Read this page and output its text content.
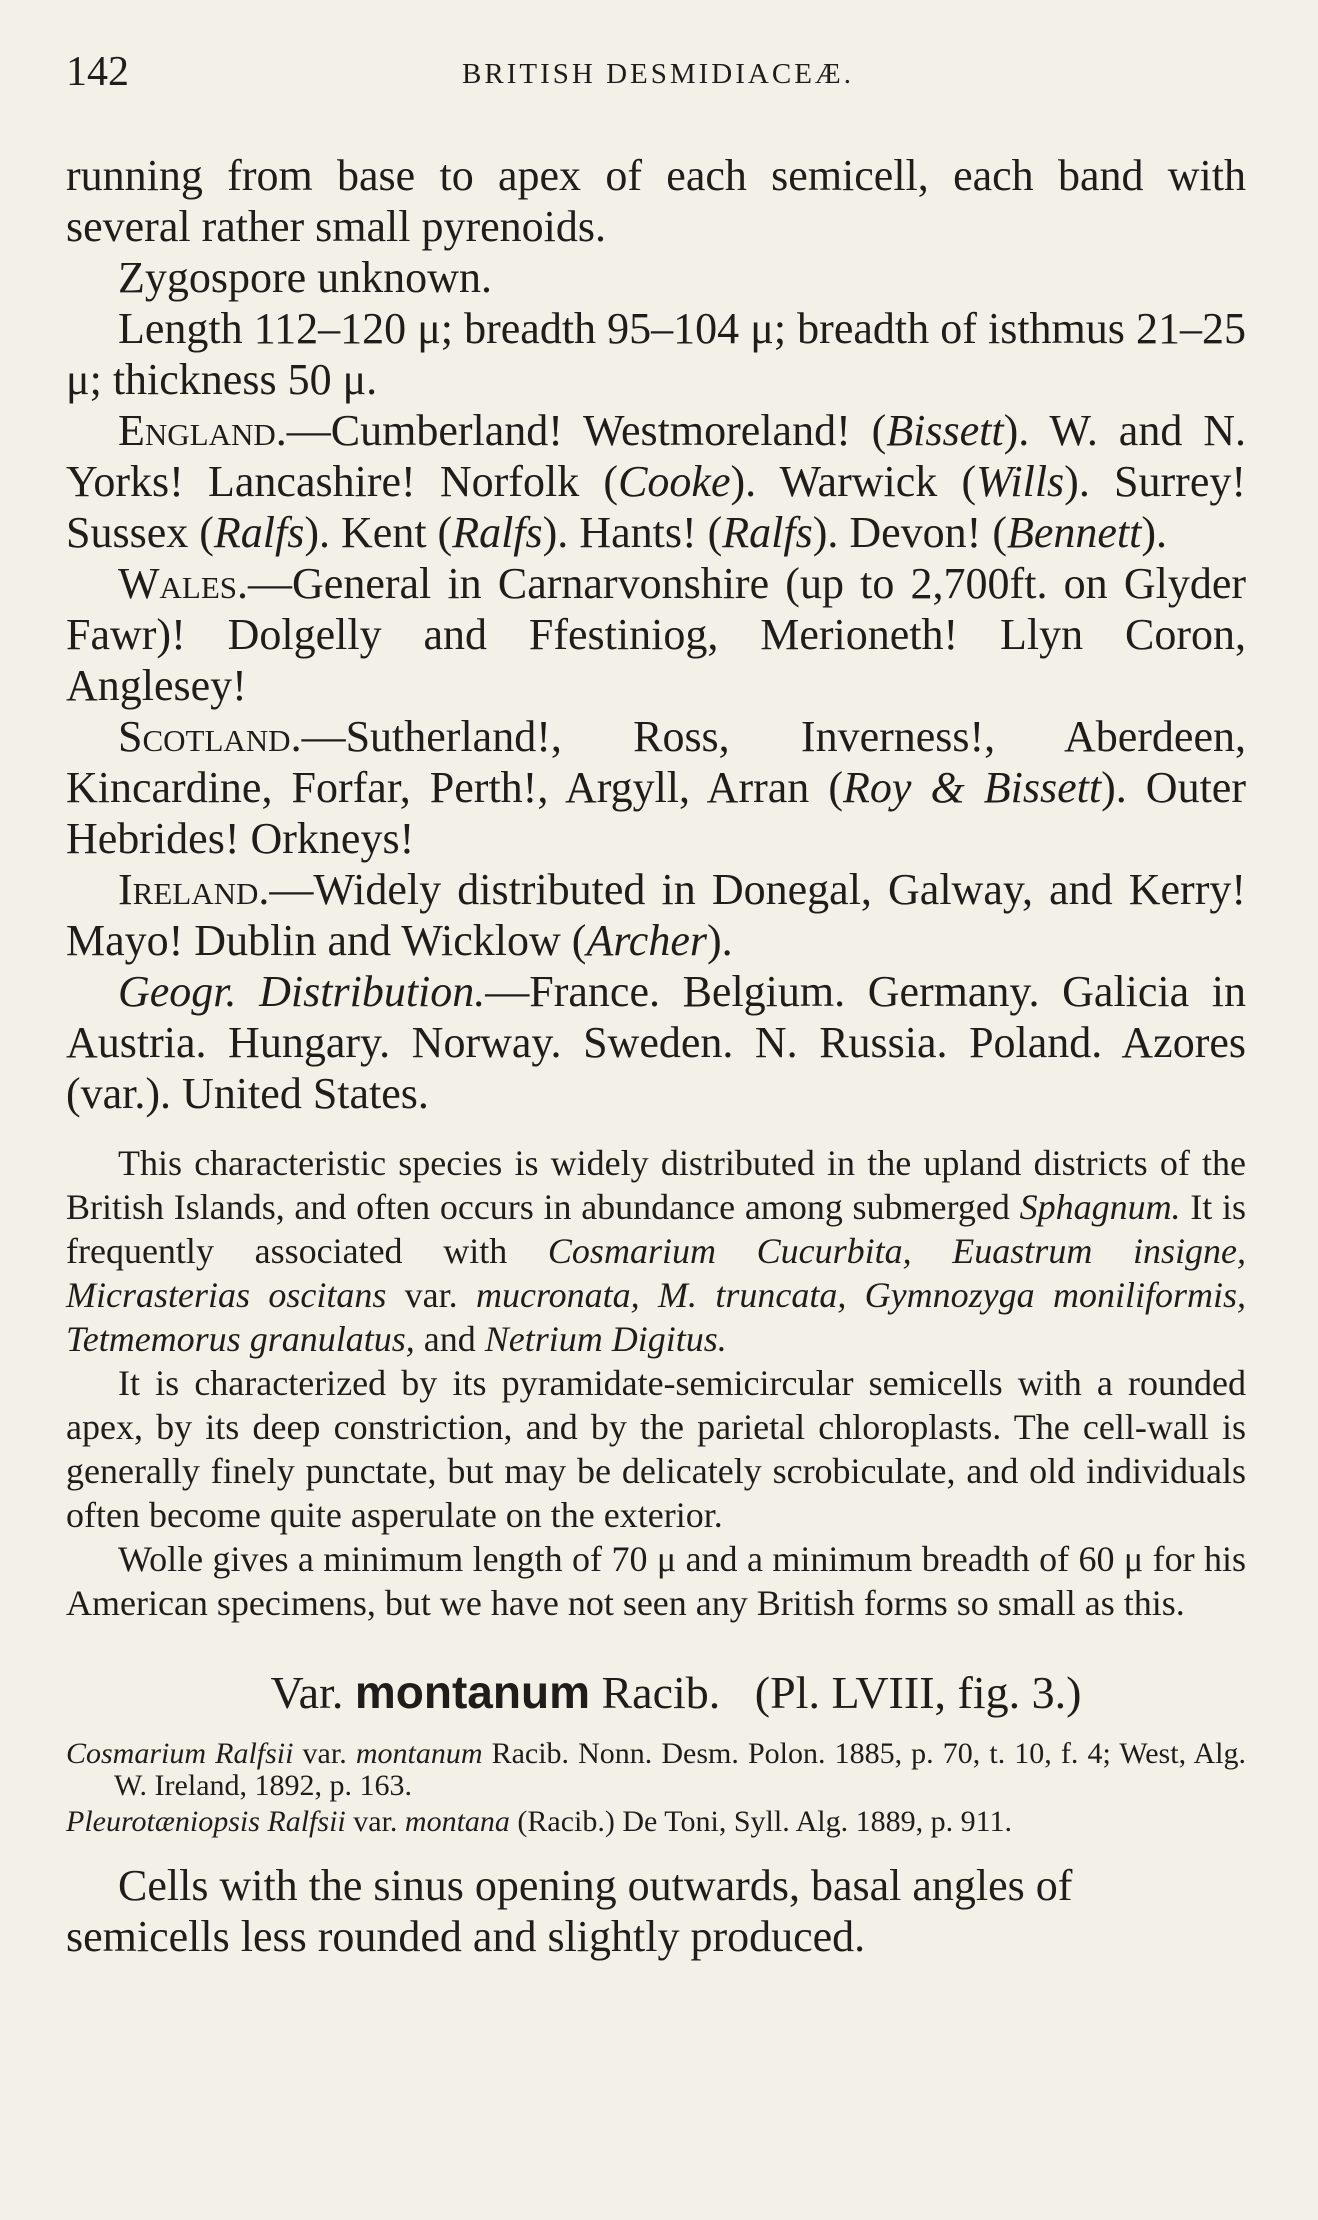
142	BRITISH DESMIDIACEÆ.

running from base to apex of each semicell, each band with several rather small pyrenoids.

Zygospore unknown.

Length 112–120 μ; breadth 95–104 μ; breadth of isthmus 21–25 μ; thickness 50 μ.

England.—Cumberland! Westmoreland! (Bissett). W. and N. Yorks! Lancashire! Norfolk (Cooke). Warwick (Wills). Surrey! Sussex (Ralfs). Kent (Ralfs). Hants! (Ralfs). Devon! (Bennett).

Wales.—General in Carnarvonshire (up to 2,700ft. on Glyder Fawr)! Dolgelly and Ffestiniog, Merioneth! Llyn Coron, Anglesey!

Scotland.—Sutherland!, Ross, Inverness!, Aberdeen, Kincardine, Forfar, Perth!, Argyll, Arran (Roy & Bissett). Outer Hebrides! Orkneys!

Ireland.—Widely distributed in Donegal, Galway, and Kerry! Mayo! Dublin and Wicklow (Archer).

Geogr. Distribution.—France. Belgium. Germany. Galicia in Austria. Hungary. Norway. Sweden. N. Russia. Poland. Azores (var.). United States.

This characteristic species is widely distributed in the upland districts of the British Islands, and often occurs in abundance among submerged Sphagnum. It is frequently associated with Cosmarium Cucurbita, Euastrum insigne, Micrasterias oscitans var. mucronata, M. truncata, Gymnozyga moniliformis, Tetmemorus granulatus, and Netrium Digitus.

It is characterized by its pyramidate-semicircular semicells with a rounded apex, by its deep constriction, and by the parietal chloroplasts. The cell-wall is generally finely punctate, but may be delicately scrobiculate, and old individuals often become quite asperulate on the exterior.

Wolle gives a minimum length of 70 μ and a minimum breadth of 60 μ for his American specimens, but we have not seen any British forms so small as this.

Var. montanum Racib. (Pl. LVIII, fig. 3.)

Cosmarium Ralfsii var. montanum Racib. Nonn. Desm. Polon. 1885, p. 70, t. 10, f. 4; West, Alg. W. Ireland, 1892, p. 163.

Pleurotæniopsis Ralfsii var. montana (Racib.) De Toni, Syll. Alg. 1889, p. 911.

Cells with the sinus opening outwards, basal angles of semicells less rounded and slightly produced.
